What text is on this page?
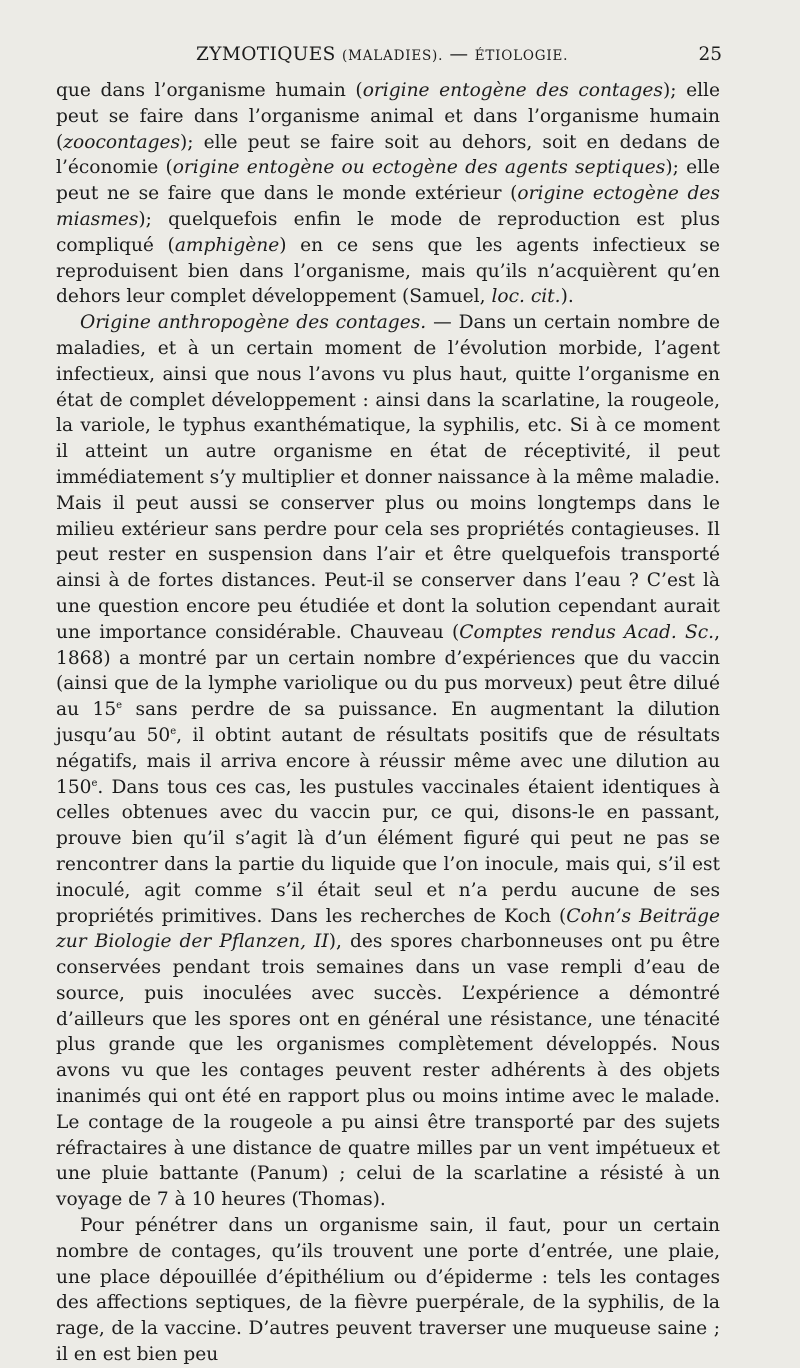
ZYMOTIQUES (MALADIES). — ÉTIOLOGIE.	25

que dans l’organisme humain (origine entogène des contages); elle peut se faire dans l’organisme animal et dans l’organisme humain (zoocontages); elle peut se faire soit au dehors, soit en dedans de l’économie (origine entogène ou ectogène des agents septiques); elle peut ne se faire que dans le monde extérieur (origine ectogène des miasmes); quelquefois enfin le mode de reproduction est plus compliqué (amphigène) en ce sens que les agents infectieux se reproduisent bien dans l’organisme, mais qu’ils n’acquièrent qu’en dehors leur complet développement (Samuel, loc. cit.).

Origine anthropogène des contages. — Dans un certain nombre de maladies, et à un certain moment de l’évolution morbide, l’agent infectieux, ainsi que nous l’avons vu plus haut, quitte l’organisme en état de complet développement : ainsi dans la scarlatine, la rougeole, la variole, le typhus exanthématique, la syphilis, etc. Si à ce moment il atteint un autre organisme en état de réceptivité, il peut immédiatement s’y multiplier et donner naissance à la même maladie. Mais il peut aussi se conserver plus ou moins longtemps dans le milieu extérieur sans perdre pour cela ses propriétés contagieuses. Il peut rester en suspension dans l’air et être quelquefois transporté ainsi à de fortes distances. Peut-il se conserver dans l’eau ? C’est là une question encore peu étudiée et dont la solution cependant aurait une importance considérable. Chauveau (Comptes rendus Acad. Sc., 1868) a montré par un certain nombre d’expériences que du vaccin (ainsi que de la lymphe variolique ou du pus morveux) peut être dilué au 15e sans perdre de sa puissance. En augmentant la dilution jusqu’au 50e, il obtint autant de résultats positifs que de résultats négatifs, mais il arriva encore à réussir même avec une dilution au 150e. Dans tous ces cas, les pustules vaccinales étaient identiques à celles obtenues avec du vaccin pur, ce qui, disons-le en passant, prouve bien qu’il s’agit là d’un élément figuré qui peut ne pas se rencontrer dans la partie du liquide que l’on inocule, mais qui, s’il est inoculé, agit comme s’il était seul et n’a perdu aucune de ses propriétés primitives. Dans les recherches de Koch (Cohn’s Beiträge zur Biologie der Pflanzen, II), des spores charbonneuses ont pu être conservées pendant trois semaines dans un vase rempli d’eau de source, puis inoculées avec succès. L’expérience a démontré d’ailleurs que les spores ont en général une résistance, une ténacité plus grande que les organismes complètement développés. Nous avons vu que les contages peuvent rester adhérents à des objets inanimés qui ont été en rapport plus ou moins intime avec le malade. Le contage de la rougeole a pu ainsi être transporté par des sujets réfractaires à une distance de quatre milles par un vent impétueux et une pluie battante (Panum) ; celui de la scarlatine a résisté à un voyage de 7 à 10 heures (Thomas).

Pour pénétrer dans un organisme sain, il faut, pour un certain nombre de contages, qu’ils trouvent une porte d’entrée, une plaie, une place dépouillée d’épithélium ou d’épiderme : tels les contages des affections septiques, de la fièvre puerpérale, de la syphilis, de la rage, de la vaccine. D’autres peuvent traverser une muqueuse saine ; il en est bien peu
